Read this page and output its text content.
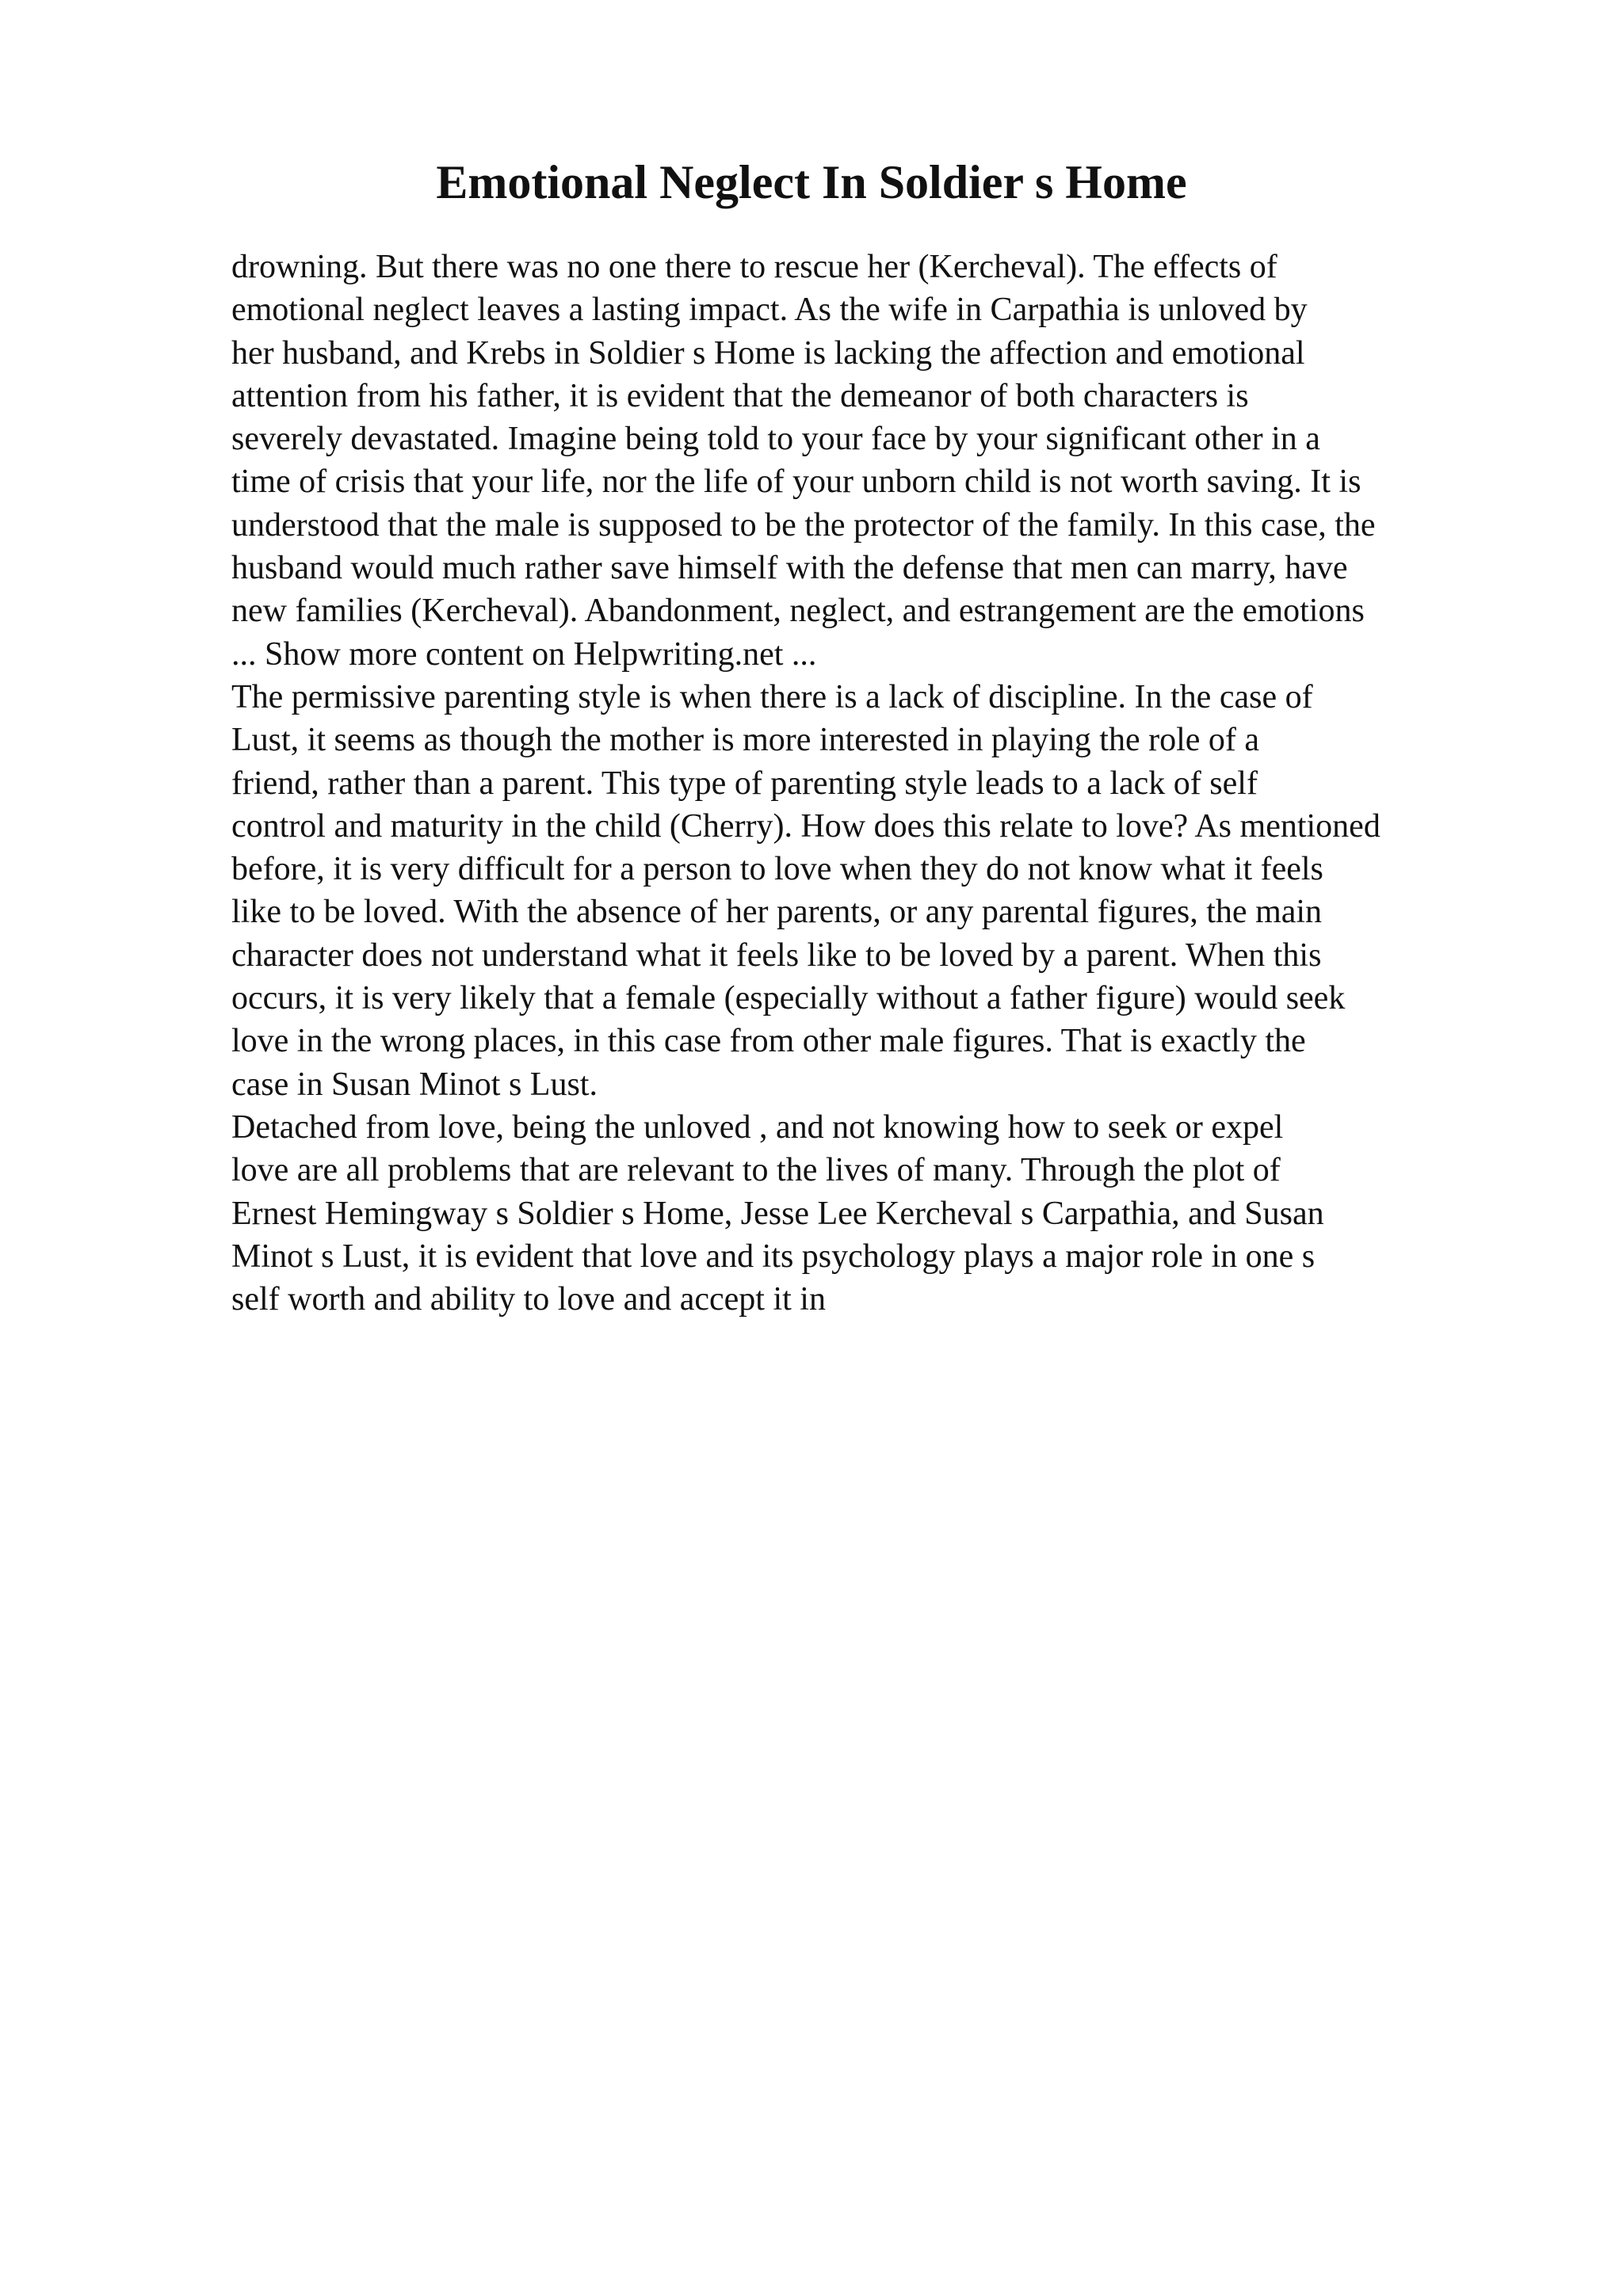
Emotional Neglect In Soldier s Home
drowning. But there was no one there to rescue her (Kercheval). The effects of
emotional neglect leaves a lasting impact. As the wife in Carpathia is unloved by
her husband, and Krebs in Soldier s Home is lacking the affection and emotional
attention from his father, it is evident that the demeanor of both characters is
severely devastated. Imagine being told to your face by your significant other in a
time of crisis that your life, nor the life of your unborn child is not worth saving. It is
understood that the male is supposed to be the protector of the family. In this case, the
husband would much rather save himself with the defense that men can marry, have
new families (Kercheval). Abandonment, neglect, and estrangement are the emotions
... Show more content on Helpwriting.net ...
The permissive parenting style is when there is a lack of discipline. In the case of
Lust, it seems as though the mother is more interested in playing the role of a
friend, rather than a parent. This type of parenting style leads to a lack of self
control and maturity in the child (Cherry). How does this relate to love? As mentioned
before, it is very difficult for a person to love when they do not know what it feels
like to be loved. With the absence of her parents, or any parental figures, the main
character does not understand what it feels like to be loved by a parent. When this
occurs, it is very likely that a female (especially without a father figure) would seek
love in the wrong places, in this case from other male figures. That is exactly the
case in Susan Minot s Lust.
Detached from love, being the unloved , and not knowing how to seek or expel
love are all problems that are relevant to the lives of many. Through the plot of
Ernest Hemingway s Soldier s Home, Jesse Lee Kercheval s Carpathia, and Susan
Minot s Lust, it is evident that love and its psychology plays a major role in one s
self worth and ability to love and accept it in
